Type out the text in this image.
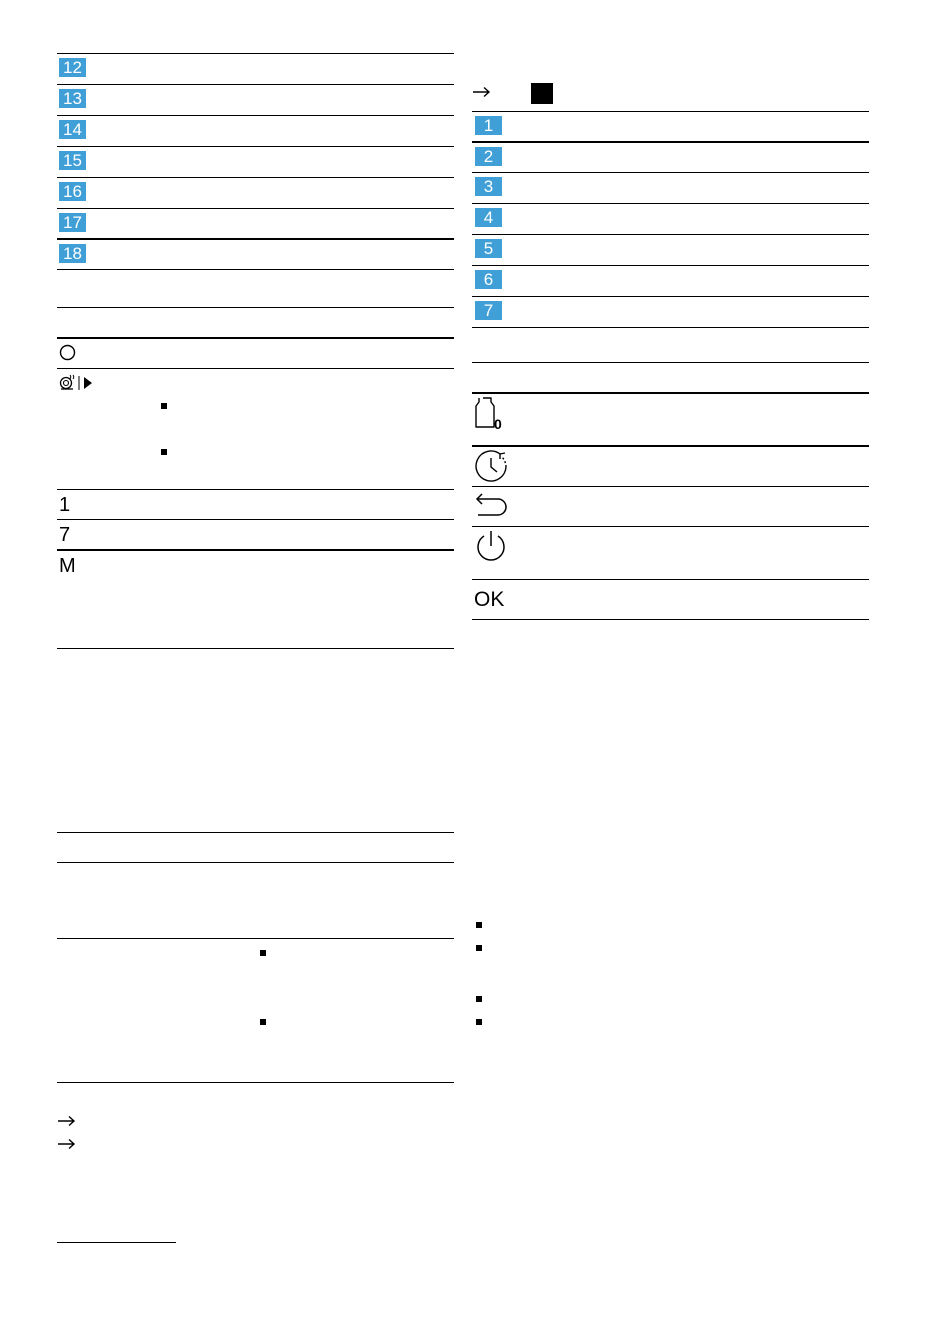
12
13
14
15
16
17
18
1
7
M
1
2
3
4
5
6
7
0
OK
